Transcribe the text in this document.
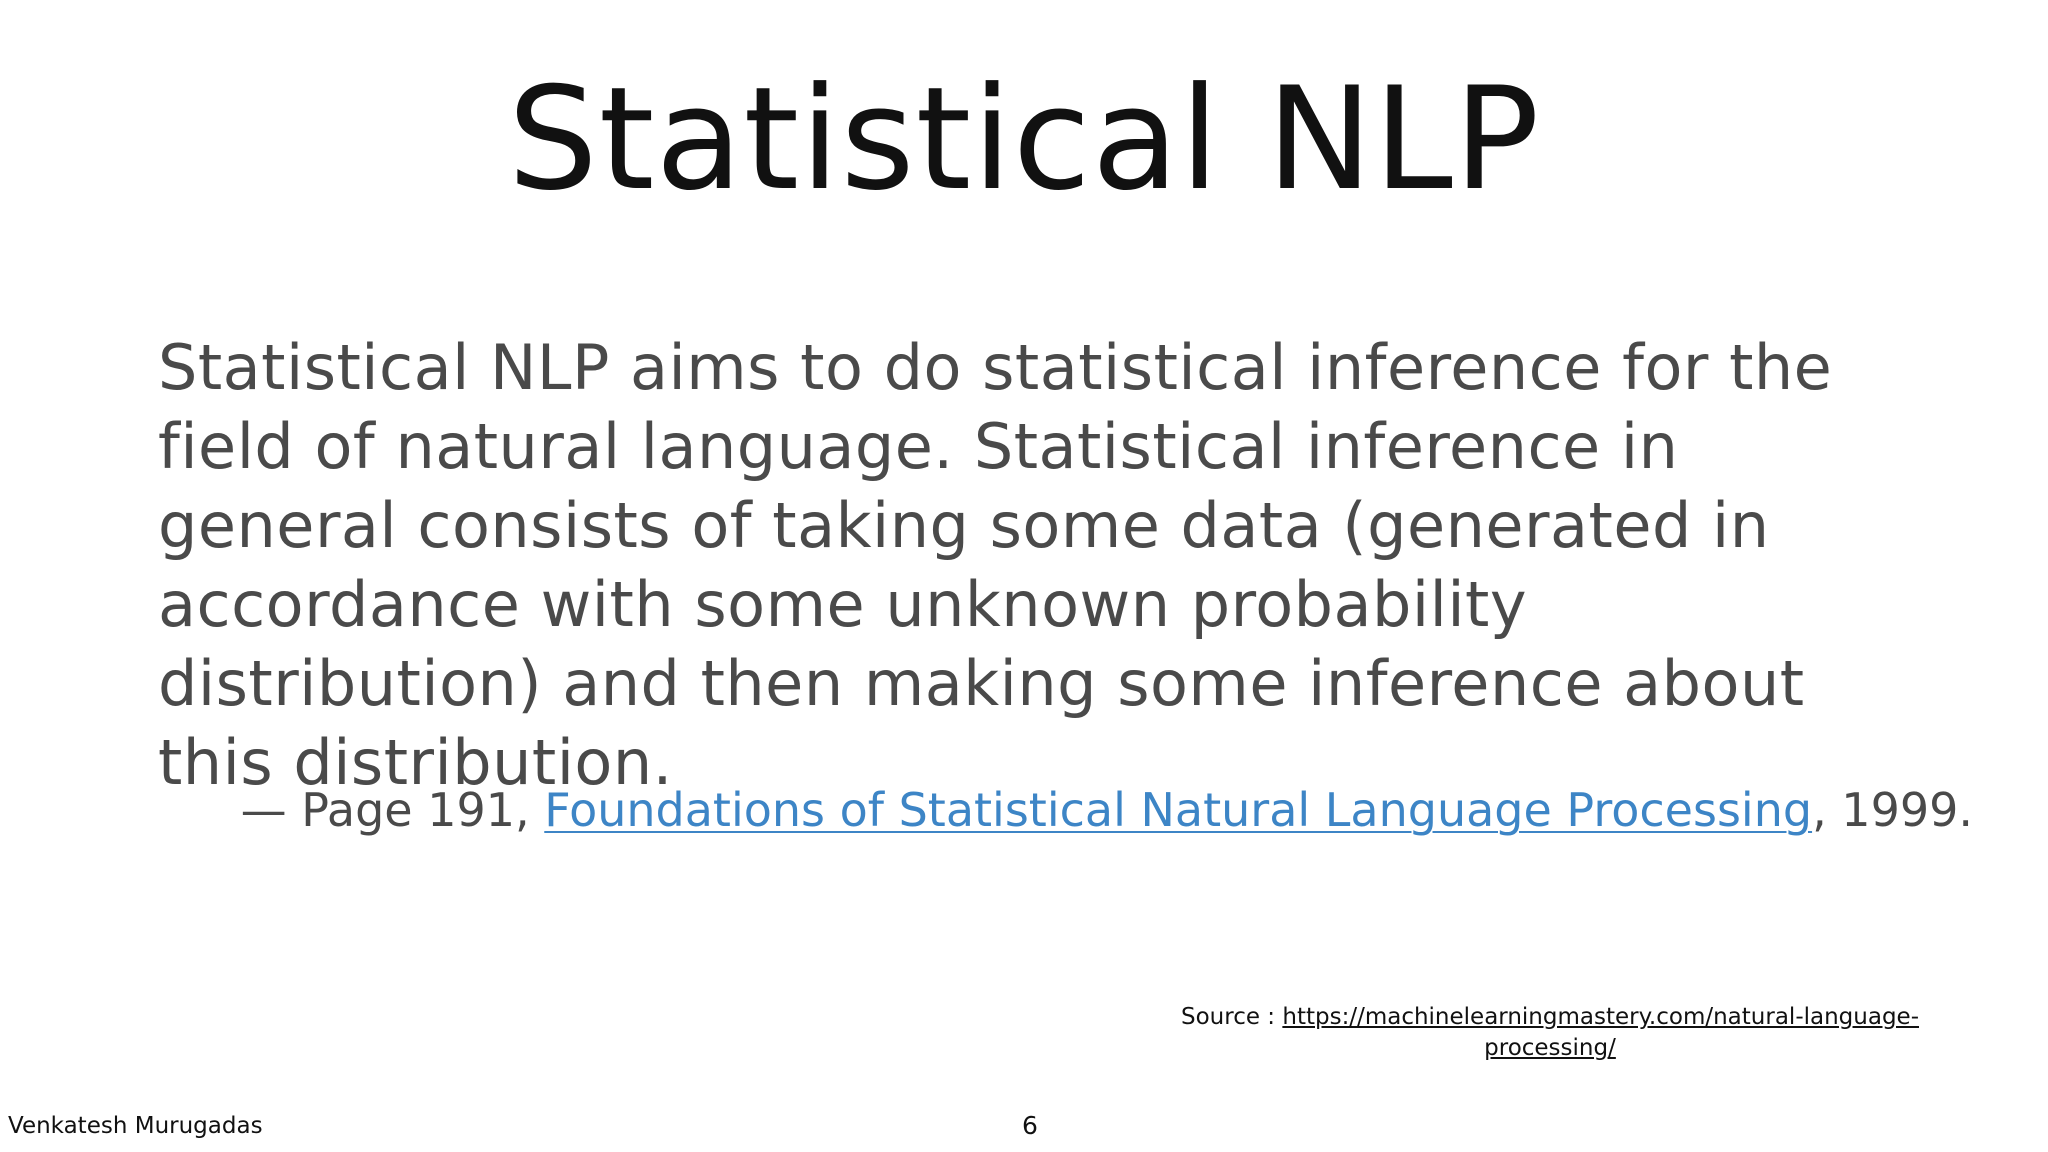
Statistical NLP
Statistical NLP aims to do statistical inference for the field of natural language. Statistical inference in general consists of taking some data (generated in accordance with some unknown probability distribution) and then making some inference about this distribution.
— Page 191, Foundations of Statistical Natural Language Processing, 1999.
Source : https://machinelearningmastery.com/natural-language-processing/
Venkatesh Murugadas	6
